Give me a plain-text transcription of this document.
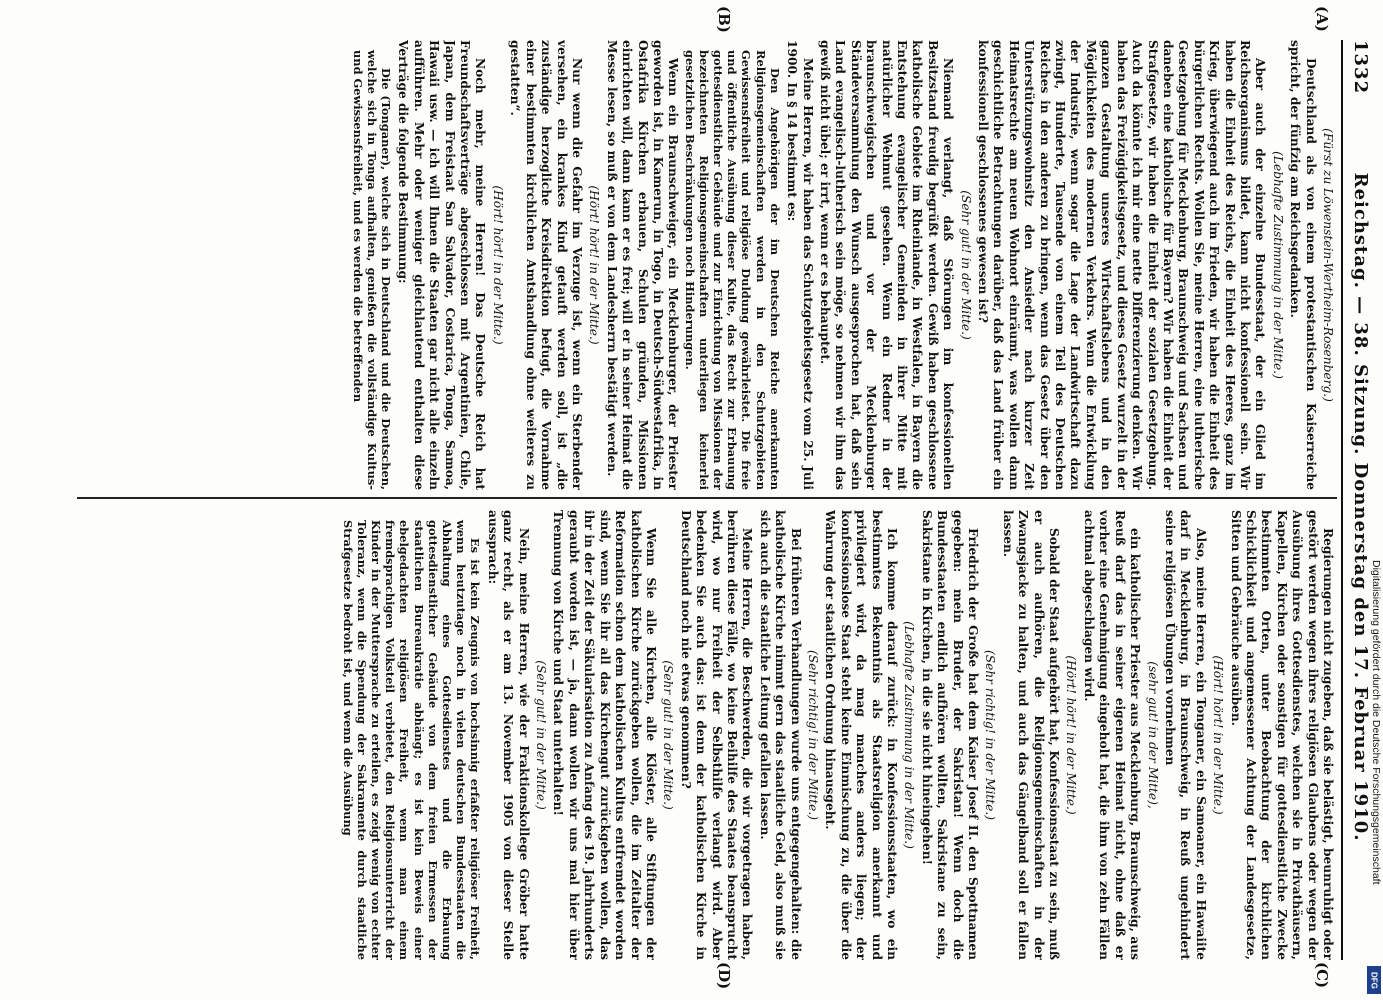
1332
Reichstag. — 38. Sitzung. Donnerstag den 17. Februar 1910.
(A)
(B)
(C)
(D)

(Fürst zu Löwenstein-Wertheim-Rosenberg.)

Deutschland als von einem protestantischen Kaiserreiche spricht, der fünfzig am Reichsgedanken.

(Lebhafte Zustimmung in der Mitte.)

Aber auch der einzelne Bundesstaat, der ein Glied im Reichsorganismus bildet, kann nicht konfessionell sein. Wir haben die Einheit des Reichs, die Einheit des Heeres, ganz im Krieg, überwiegend auch im Frieden, wir haben die Einheit des bürgerlichen Rechts. Wollen Sie, meine Herren, eine lutherische Gesetzgebung für Mecklenburg, Braunschweig und Sachsen und daneben eine katholische für Bayern? Wir haben die Einheit der Strafgesetze, wir haben die Einheit der sozialen Gesetzgebung. Auch da könnte ich mir eine nette Differenzierung denken. Wir haben das Freizügigkeitsgesetz, und dieses Gesetz wurzelt in der ganzen Gestaltung unseres Wirtschaftslebens und in den Möglichkeiten des modernen Verkehrs. Wenn die Entwicklung der Industrie, wenn sogar die Lage der Landwirtschaft dazu zwingt, Hunderte, Tausende von einem Teil des Deutschen Reiches in den anderen zu bringen, wenn das Gesetz über den Unterstützungswohnsitz den Ansiedler nach kurzer Zeit Heimatsrechte am neuen Wohnort einräumt, was wollen dann geschichtliche Betrachtungen darüber, daß das Land früher ein konfessionell geschlossenes gewesen ist?

(Sehr gut! in der Mitte.)

Niemand verlangt, daß Störungen im konfessionellen Besitzstand freudig begrüßt werden. Gewiß haben geschlossene katholische Gebiete im Rheinlande, in Westfalen, in Bayern die Entstehung evangelischer Gemeinden in ihrer Mitte mit natürlicher Wehmut gesehen. Wenn ein Redner in der braunschweigischen und vor der Mecklenburger Ständeversammlung den Wunsch ausgesprochen hat, daß sein Land evangelisch-lutherisch sein möge, so nehmen wir ihm das gewiß nicht übel; er irrt, wenn er es behauptet.

Meine Herren, wir haben das Schutzgebietsgesetz vom 25. Juli 1900. In § 14 bestimmt es:

Den Angehörigen der im Deutschen Reiche anerkannten Religionsgemeinschaften werden in den Schutzgebieten Gewissensfreiheit und religiöse Duldung gewährleistet. Die freie und öffentliche Ausübung dieser Kulte, das Recht zur Erbauung gottesdienstlicher Gebäude und zur Einrichtung von Missionen der bezeichneten Religionsgemeinschaften unterliegen keinerlei gesetzlichen Beschränkungen noch Hinderungen.

Wenn ein Braunschweiger, ein Mecklenburger, der Priester geworden ist, in Kamerun, in Togo, in Deutsch-Südwestafrika, in Ostafrika Kirchen erbauen, Schulen gründen, Missionen einrichten will, dann kann er es frei; will er in seiner Heimat die Messe lesen, so muß er von dem Landesherrn bestätigt werden.

(Hört! hört! in der Mitte.)

Nur wenn die Gefahr im Verzuge ist, wenn ein Sterbender versehen, ein krankes Kind getauft werden soll, ist „die zuständige herzogliche Kreisdirektion befugt, die Vornahme einer bestimmten kirchlichen Amtshandlung ohne weiteres zu gestatten“.

(Hört! hört! in der Mitte.)

Noch mehr, meine Herren! Das Deutsche Reich hat Freundschaftsverträge abgeschlossen mit Argentinien, Chile, Japan, dem Freistaat San Salvador, Costarica, Tonga, Samoa, Hawaii usw. — ich will Ihnen die Staaten gar nicht alle einzeln aufführen. Mehr oder weniger gleichlautend enthalten diese Verträge die folgende Bestimmung:

Die (Tonganer), welche sich in Deutschland und die Deutschen, welche sich in Tonga aufhalten, genießen die vollständige Kultus- und Gewissensfreiheit, und es werden die betreffenden

Regierungen nicht zugeben, daß sie belästigt, beunruhigt oder gestört werden wegen ihres religiösen Glaubens oder wegen der Ausübung ihres Gottesdienstes, welchen sie in Privathäusern, Kapellen, Kirchen oder sonstigen für gottesdienstliche Zwecke bestimmten Orten, unter Beobachtung der kirchlichen Schicklichkeit und angemessener Achtung der Landesgesetze, Sitten und Gebräuche ausüben.

(Hört! hört! in der Mitte.)

Also, meine Herren, ein Tonganer, ein Samoaner, ein Hawaiite darf in Mecklenburg, in Braunschweig, in Reuß ungehindert seine religiösen Übungen vornehmen

(sehr gut! in der Mitte),

ein katholischer Priester aus Mecklenburg, Braunschweig, aus Reuß darf das in seiner eigenen Heimat nicht, ohne daß er vorher eine Genehmigung eingeholt hat, die ihm von zehn Fällen achtmal abgeschlagen wird.

(Hört! hört! in der Mitte.)

Sobald der Staat aufgehört hat, Konfessionsstaat zu sein, muß er auch aufhören, die Religionsgemeinschaften in der Zwangsjacke zu halten, und auch das Gängelband soll er fallen lassen.

(Sehr richtig! in der Mitte.)

Friedrich der Große hat dem Kaiser Josef II. den Spottnamen gegeben: mein Bruder, der Sakristan! Wenn doch die Bundesstaaten endlich aufhören wollten, Sakristane zu sein, Sakristane in Kirchen, in die sie nicht hineingehen!

(Lebhafte Zustimmung in der Mitte.)

Ich komme darauf zurück: in Konfessionsstaaten, wo ein bestimmtes Bekenntnis als Staatsreligion anerkannt und privilegiert wird, da mag manches anders liegen; der konfessionslose Staat steht keine Einmischung zu, die über die Wahrung der staatlichen Ordnung hinausgeht.

(Sehr richtig! in der Mitte.)

Bei früheren Verhandlungen wurde uns entgegengehalten: die katholische Kirche nimmt gern das staatliche Geld, also muß sie sich auch die staatliche Leitung gefallen lassen.

Meine Herren, die Beschwerden, die wir vorgetragen haben, berühren diese Fälle, wo keine Beihilfe des Staates beansprucht wird, wo nur Freiheit der Selbsthilfe verlangt wird. Aber bedenken Sie auch das: ist denn der katholischen Kirche in Deutschland noch nie etwas genommen?

(Sehr gut! in der Mitte.)

Wenn Sie alle Kirchen, alle Klöster, alle Stiftungen der katholischen Kirche zurückgeben wollen, die im Zeitalter der Reformation schon dem katholischen Kultus entfremdet worden sind, wenn Sie ihr all das Kirchengut zurückgeben wollen, das ihr in der Zeit der Säkularisation zu Anfang des 19. Jahrhunderts geraubt worden ist, — ja, dann wollen wir uns mal hier über Trennung von Kirche und Staat unterhalten!

(Sehr gut! in der Mitte.)

Nein, meine Herren, wie der Fraktionskollege Gröber hatte ganz recht, als er am 13. November 1905 von dieser Stelle aussprach:

Es ist kein Zeugnis von hochsinnig erfaßter religiöser Freiheit, wenn heutzutage noch in vielen deutschen Bundesstaaten die Abhaltung eines Gottesdienstes und die Erbauung gottesdienstlicher Gebäude von dem freien Ermessen der staatlichen Bureaukratie abhängt; es ist kein Beweis einer ebelgedachten religiösen Freiheit, wenn man einem fremdsprachigen Volksteil verbietet, den Religionsunterricht der Kinder in der Muttersprache zu erteilen, es zeigt wenig von echter Toleranz, wenn die Spendung der Sakramente durch staatliche Strafgesetze bedroht ist, und wenn die Ausübung	Digitalisierung gefördert durch die Deutsche Forschungsgemeinschaft
DFG
